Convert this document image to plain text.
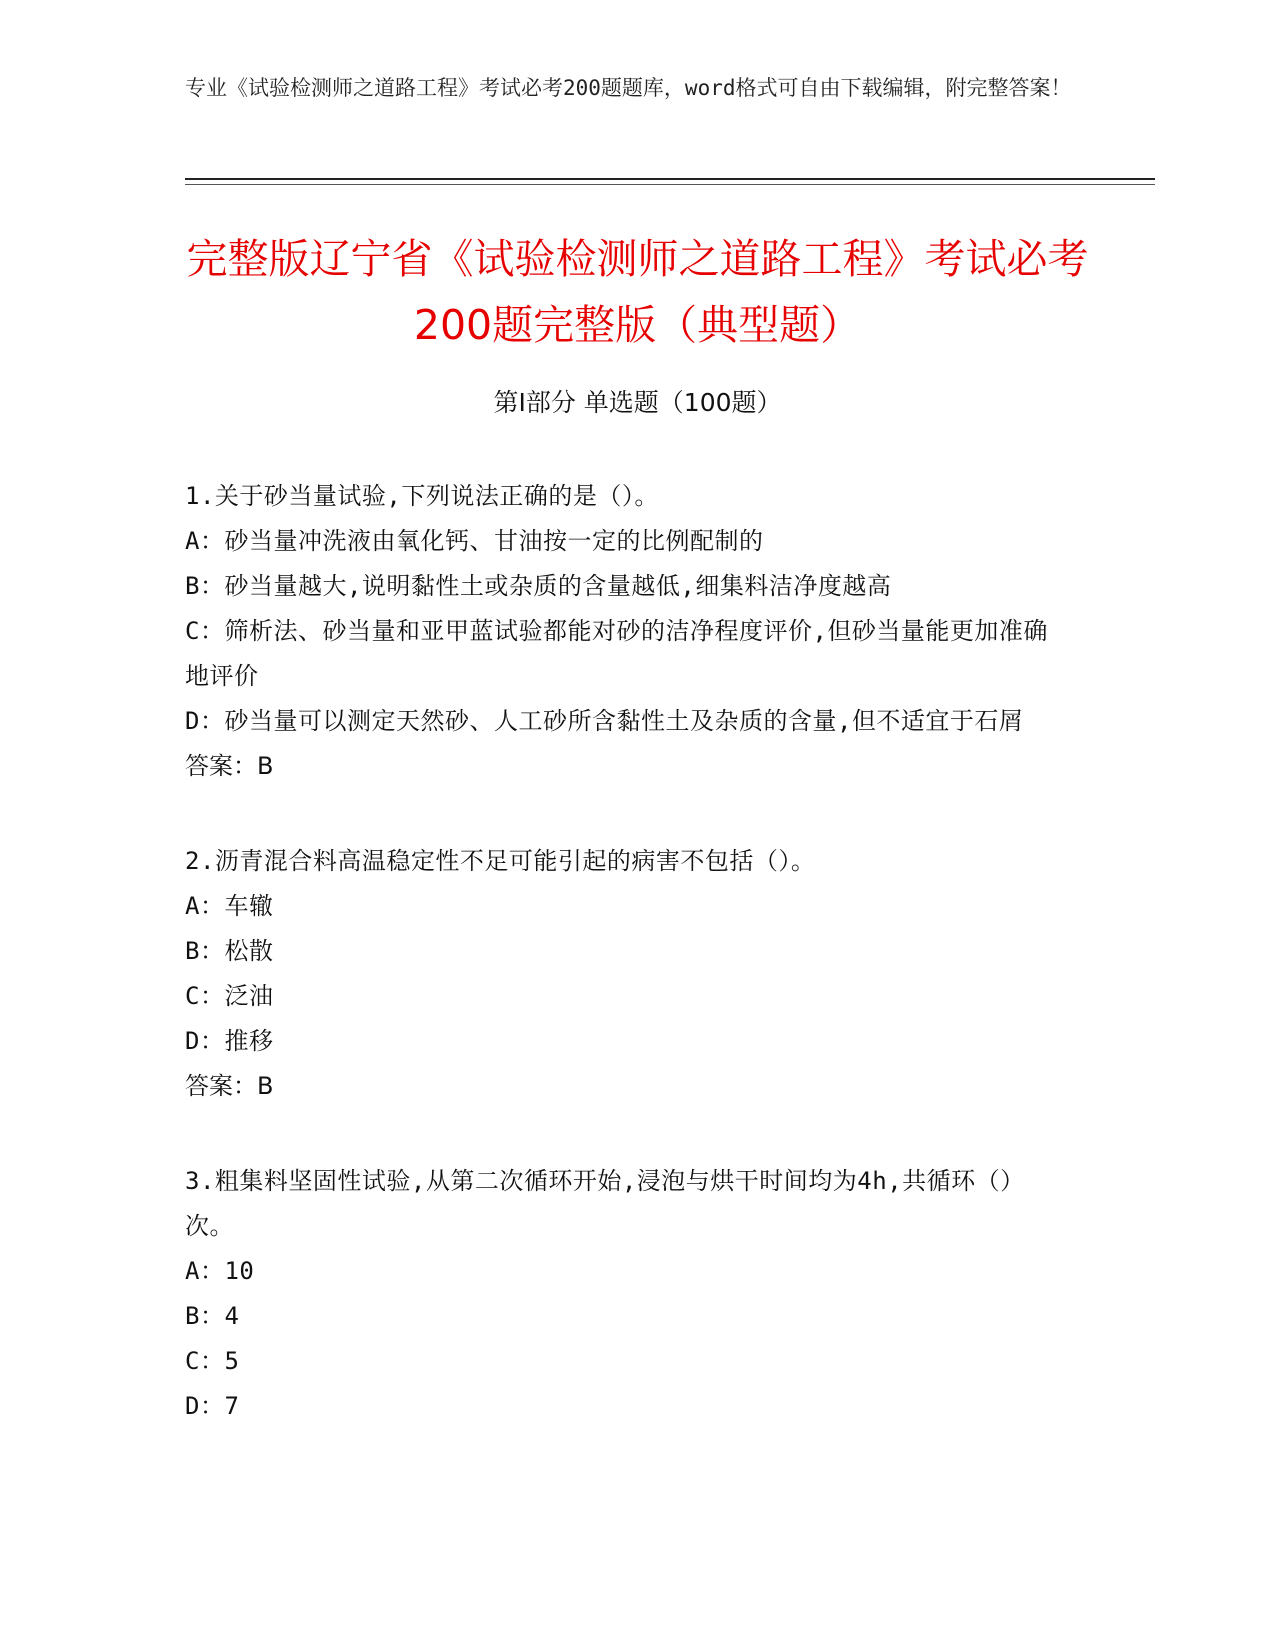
专业《试验检测师之道路工程》考试必考200题题库，word格式可自由下载编辑，附完整答案！
完整版辽宁省《试验检测师之道路工程》考试必考200题完整版（典型题）
第Ⅰ部分 单选题（100题）

1.关于砂当量试验,下列说法正确的是（）。

A：砂当量冲洗液由氧化钙、甘油按一定的比例配制的

B：砂当量越大,说明黏性土或杂质的含量越低,细集料洁净度越高

C：筛析法、砂当量和亚甲蓝试验都能对砂的洁净程度评价,但砂当量能更加准确地评价

D：砂当量可以测定天然砂、人工砂所含黏性土及杂质的含量,但不适宜于石屑

答案：B

2.沥青混合料高温稳定性不足可能引起的病害不包括（）。

A：车辙

B：松散

C：泛油

D：推移

答案：B

3.粗集料坚固性试验,从第二次循环开始,浸泡与烘干时间均为4h,共循环（）次。

A：10

B：4

C：5

D：7
